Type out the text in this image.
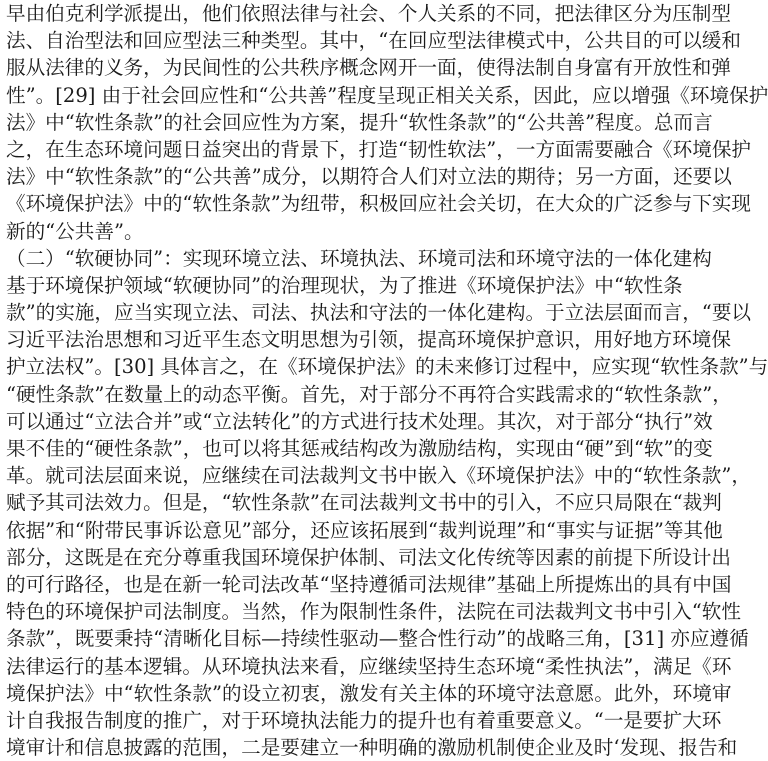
早由伯克利学派提出，他们依照法律与社会、个人关系的不同，把法律区分为压制型
法、自治型法和回应型法三种类型。其中，“在回应型法律模式中，公共目的可以缓和
服从法律的义务，为民间性的公共秩序概念网开一面，使得法制自身富有开放性和弹
性”。[29] 由于社会回应性和“公共善”程度呈现正相关关系，因此，应以增强《环境保护
法》中“软性条款”的社会回应性为方案，提升“软性条款”的“公共善”程度。总而言
之，在生态环境问题日益突出的背景下，打造“韧性软法”，一方面需要融合《环境保护
法》中“软性条款”的“公共善”成分，以期符合人们对立法的期待；另一方面，还要以
《环境保护法》中的“软性条款”为纽带，积极回应社会关切，在大众的广泛参与下实现
新的“公共善”。
（二）“软硬协同”：实现环境立法、环境执法、环境司法和环境守法的一体化建构
基于环境保护领域“软硬协同”的治理现状，为了推进《环境保护法》中“软性条
款”的实施，应当实现立法、司法、执法和守法的一体化建构。于立法层面而言，“要以
习近平法治思想和习近平生态文明思想为引领，提高环境保护意识，用好地方环境保
护立法权”。[30] 具体言之，在《环境保护法》的未来修订过程中，应实现“软性条款”与
“硬性条款”在数量上的动态平衡。首先，对于部分不再符合实践需求的“软性条款”，
可以通过“立法合并”或“立法转化”的方式进行技术处理。其次，对于部分“执行”效
果不佳的“硬性条款”，也可以将其惩戒结构改为激励结构，实现由“硬”到“软”的变
革。就司法层面来说，应继续在司法裁判文书中嵌入《环境保护法》中的“软性条款”，
赋予其司法效力。但是，“软性条款”在司法裁判文书中的引入，不应只局限在“裁判
依据”和“附带民事诉讼意见”部分，还应该拓展到“裁判说理”和“事实与证据”等其他
部分，这既是在充分尊重我国环境保护体制、司法文化传统等因素的前提下所设计出
的可行路径，也是在新一轮司法改革“坚持遵循司法规律”基础上所提炼出的具有中国
特色的环境保护司法制度。当然，作为限制性条件，法院在司法裁判文书中引入“软性
条款”，既要秉持“清晰化目标—持续性驱动—整合性行动”的战略三角，[31] 亦应遵循
法律运行的基本逻辑。从环境执法来看，应继续坚持生态环境“柔性执法”，满足《环
境保护法》中“软性条款”的设立初衷，激发有关主体的环境守法意愿。此外，环境审
计自我报告制度的推广，对于环境执法能力的提升也有着重要意义。“一是要扩大环
境审计和信息披露的范围，二是要建立一种明确的激励机制使企业及时‘发现、报告和
